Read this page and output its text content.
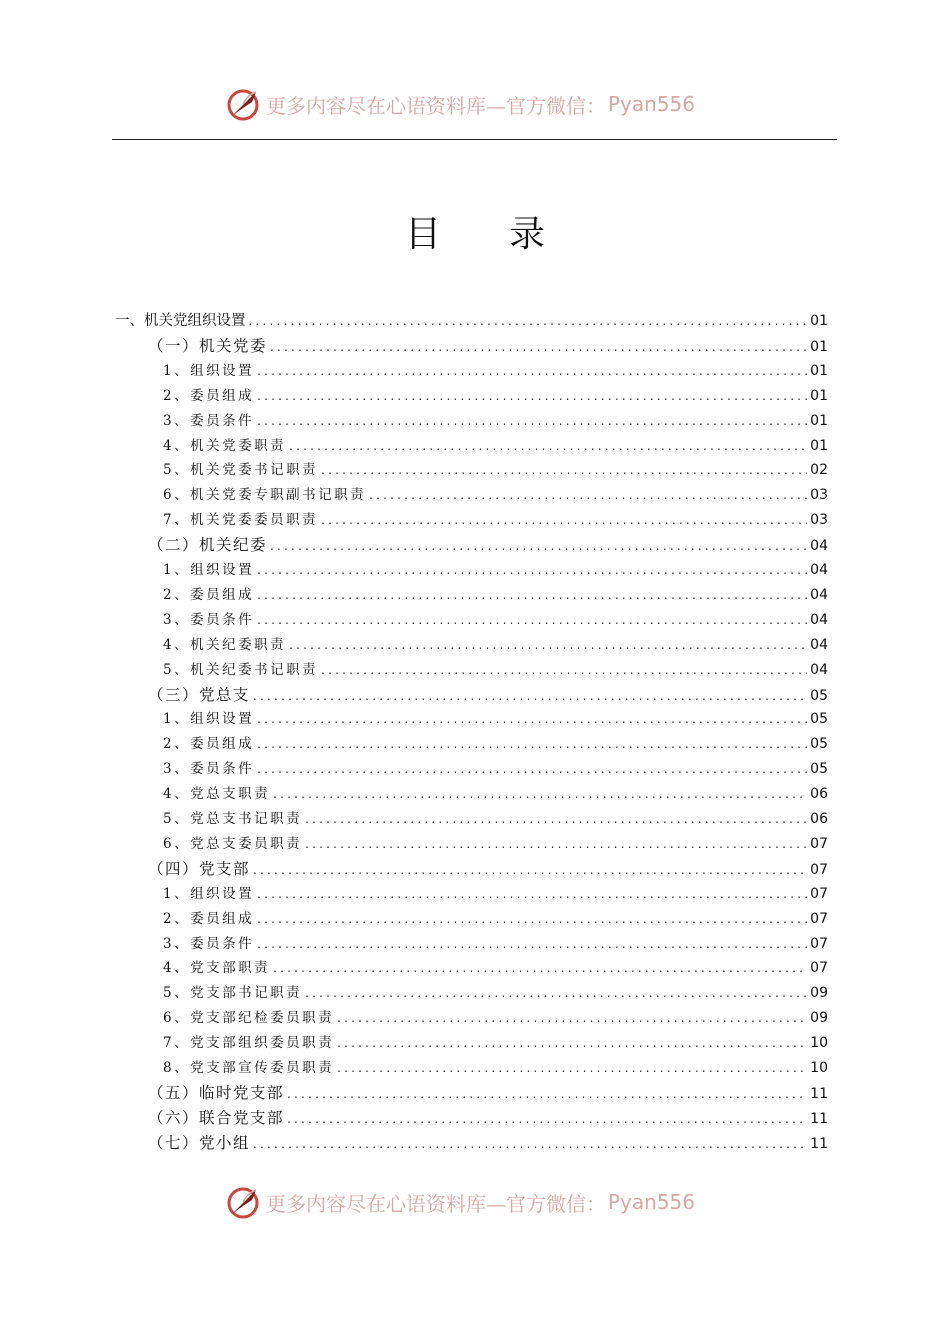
更多内容尽在心语资料库—官方微信： Pyan556
目录
一、机关党组织设置 .....	01
（一）机关党委 .....	01
1、组织设置 .....	01
2、委员组成 .....	01
3、委员条件 .....	01
4、机关党委职责 .....	01
5、机关党委书记职责 .....	02
6、机关党委专职副书记职责 .....	03
7、机关党委委员职责 .....	03
（二）机关纪委 .....	04
1、组织设置 .....	04
2、委员组成 .....	04
3、委员条件 .....	04
4、机关纪委职责 .....	04
5、机关纪委书记职责 .....	04
（三）党总支 .....	05
1、组织设置 .....	05
2、委员组成 .....	05
3、委员条件 .....	05
4、党总支职责 .....	06
5、党总支书记职责 .....	06
6、党总支委员职责 .....	07
（四）党支部 .....	07
1、组织设置 .....	07
2、委员组成 .....	07
3、委员条件 .....	07
4、党支部职责 .....	07
5、党支部书记职责 .....	09
6、党支部纪检委员职责 .....	09
7、党支部组织委员职责 .....	10
8、党支部宣传委员职责 .....	10
（五）临时党支部 .....	11
（六）联合党支部 .....	11
（七）党小组 .....	11
更多内容尽在心语资料库—官方微信： Pyan556
